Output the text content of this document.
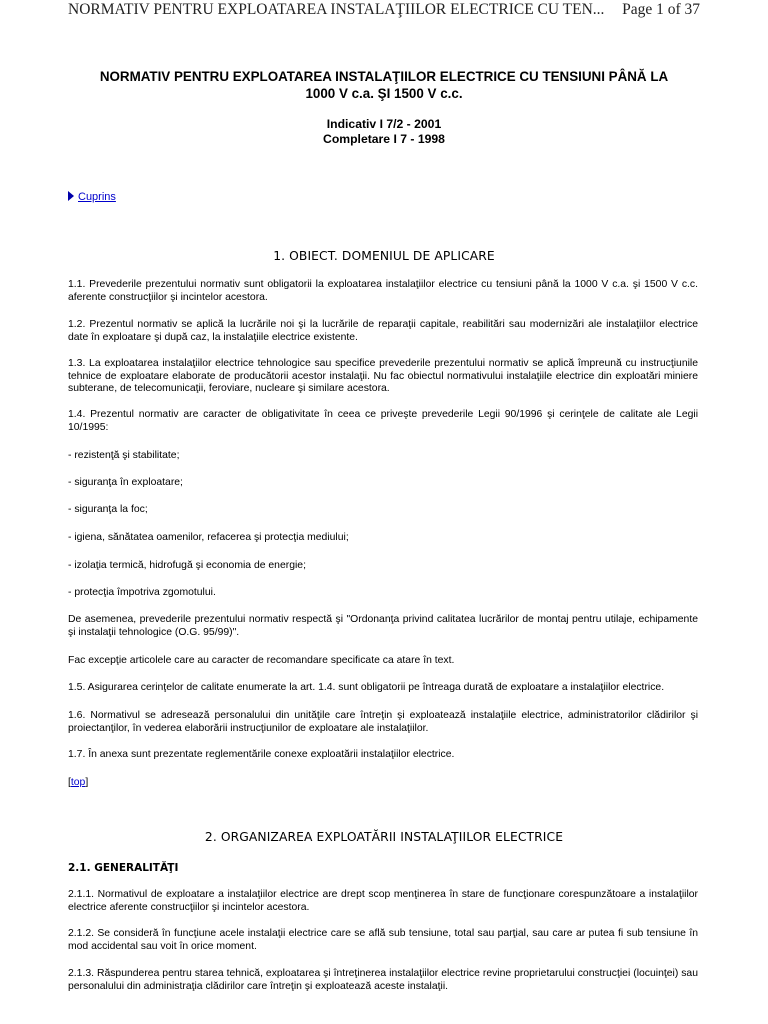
NORMATIV PENTRU EXPLOATAREA INSTALAŢIILOR ELECTRICE CU TEN... Page 1 of 37
NORMATIV PENTRU EXPLOATAREA INSTALAŢIILOR ELECTRICE CU TENSIUNI PÂNĂ LA
1000 V c.a. ŞI 1500 V c.c.
Indicativ I 7/2 - 2001
Completare I 7 - 1998
Cuprins
1. OBIECT. DOMENIUL DE APLICARE

1.1. Prevederile prezentului normativ sunt obligatorii la exploatarea instalaţiilor electrice cu tensiuni până la 1000 V c.a. şi 1500 V c.c. aferente construcţiilor şi incintelor acestora.

1.2. Prezentul normativ se aplică la lucrările noi şi la lucrările de reparaţii capitale, reabilitări sau modernizări ale instalaţiilor electrice date în exploatare şi după caz, la instalaţiile electrice existente.

1.3. La exploatarea instalaţiilor electrice tehnologice sau specifice prevederile prezentului normativ se aplică împreună cu instrucţiunile tehnice de exploatare elaborate de producătorii acestor instalaţii. Nu fac obiectul normativului instalaţiile electrice din exploatări miniere subterane, de telecomunicaţii, feroviare, nucleare şi similare acestora.

1.4. Prezentul normativ are caracter de obligativitate în ceea ce priveşte prevederile Legii 90/1996 şi cerinţele de calitate ale Legii 10/1995:

- rezistenţă şi stabilitate;

- siguranţa în exploatare;

- siguranţa la foc;

- igiena, sănătatea oamenilor, refacerea şi protecţia mediului;

- izolaţia termică, hidrofugă şi economia de energie;

- protecţia împotriva zgomotului.

De asemenea, prevederile prezentului normativ respectă şi "Ordonanţa privind calitatea lucrărilor de montaj pentru utilaje, echipamente şi instalaţii tehnologice (O.G. 95/99)".

Fac excepţie articolele care au caracter de recomandare specificate ca atare în text.

1.5. Asigurarea cerinţelor de calitate enumerate la art. 1.4. sunt obligatorii pe întreaga durată de exploatare a instalaţiilor electrice.

1.6. Normativul se adresează personalului din unităţile care întreţin şi exploatează instalaţiile electrice, administratorilor clădirilor şi proiectanţilor, în vederea elaborării instrucţiunilor de exploatare ale instalaţiilor.

1.7. În anexa sunt prezentate reglementările conexe exploatării instalaţiilor electrice.

[top]
2. ORGANIZAREA EXPLOATĂRII INSTALAŢIILOR ELECTRICE
2.1. GENERALITĂŢI

2.1.1. Normativul de exploatare a instalaţiilor electrice are drept scop menţinerea în stare de funcţionare corespunzătoare a instalaţiilor electrice aferente construcţiilor şi incintelor acestora.

2.1.2. Se consideră în funcţiune acele instalaţii electrice care se află sub tensiune, total sau parţial, sau care ar putea fi sub tensiune în mod accidental sau voit în orice moment.

2.1.3. Răspunderea pentru starea tehnică, exploatarea şi întreţinerea instalaţiilor electrice revine proprietarului construcţiei (locuinţei) sau personalului din administraţia clădirilor care întreţin şi exploatează aceste instalaţii.
